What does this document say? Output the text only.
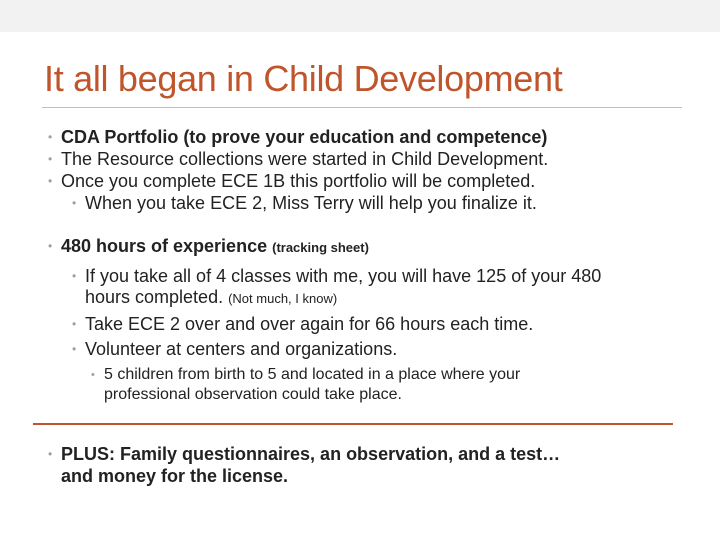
It all began in Child Development
• CDA Portfolio (to prove your education and competence)
• The Resource collections were started in Child Development.
• Once you complete ECE 1B this portfolio will be completed.
• When you take ECE 2, Miss Terry will help you finalize it.
• 480 hours of experience (tracking sheet)
• If you take all of 4 classes with me, you will have 125 of your 480
hours completed. (Not much, I know)
• Take ECE 2 over and over again for 66 hours each time.
• Volunteer at centers and organizations.
• 5 children from birth to 5 and located in a place where your
professional observation could take place.
• PLUS: Family questionnaires, an observation, and a test…
and money for the license.
